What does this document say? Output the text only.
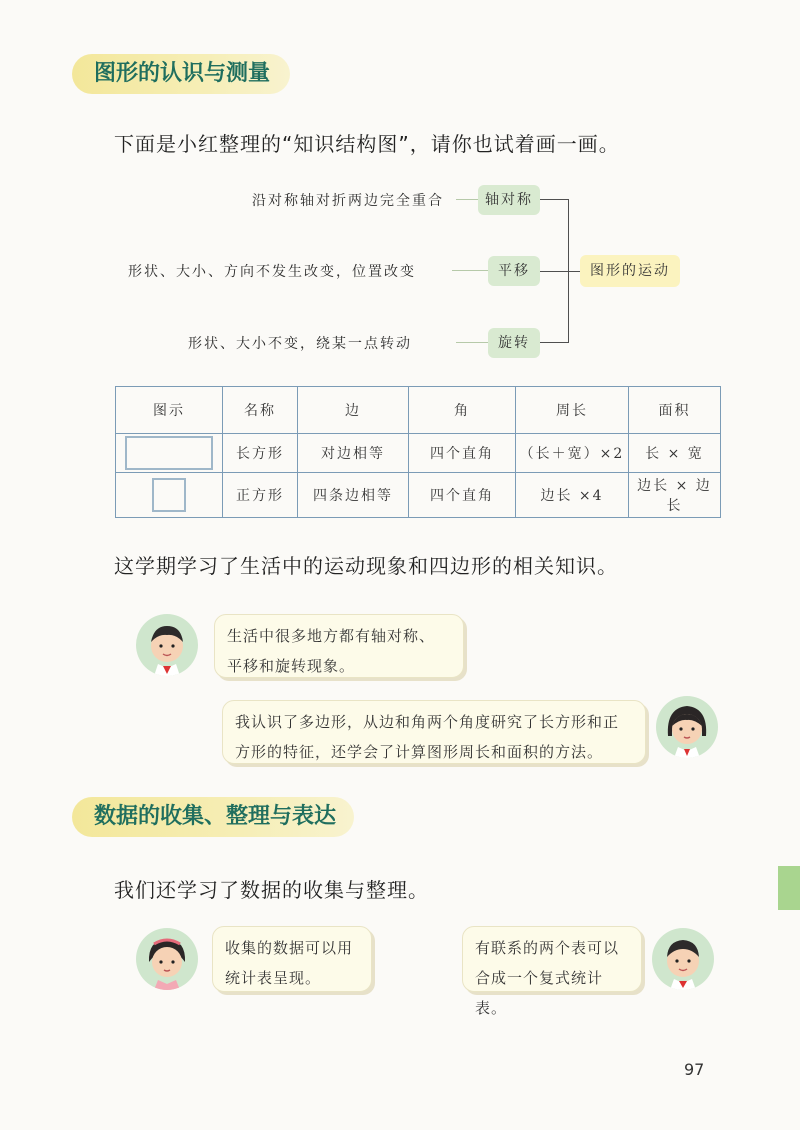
图形的认识与测量
下面是小红整理的“知识结构图”，请你也试着画一画。
沿对称轴对折两边完全重合	轴对称
形状、大小、方向不发生改变，位置改变	平移
形状、大小不变，绕某一点转动	旋转
图形的运动
图示	名称	边	角	周长	面积
	长方形	对边相等	四个直角	（长＋宽）×2	长 × 宽
	正方形	四条边相等	四个直角	边长 ×4	边长 × 边长
这学期学习了生活中的运动现象和四边形的相关知识。
生活中很多地方都有轴对称、
平移和旋转现象。
我认识了多边形，从边和角两个角度研究了长方形和正
方形的特征，还学会了计算图形周长和面积的方法。
数据的收集、整理与表达
我们还学习了数据的收集与整理。
收集的数据可以用
统计表呈现。
有联系的两个表可以
合成一个复式统计表。
97
